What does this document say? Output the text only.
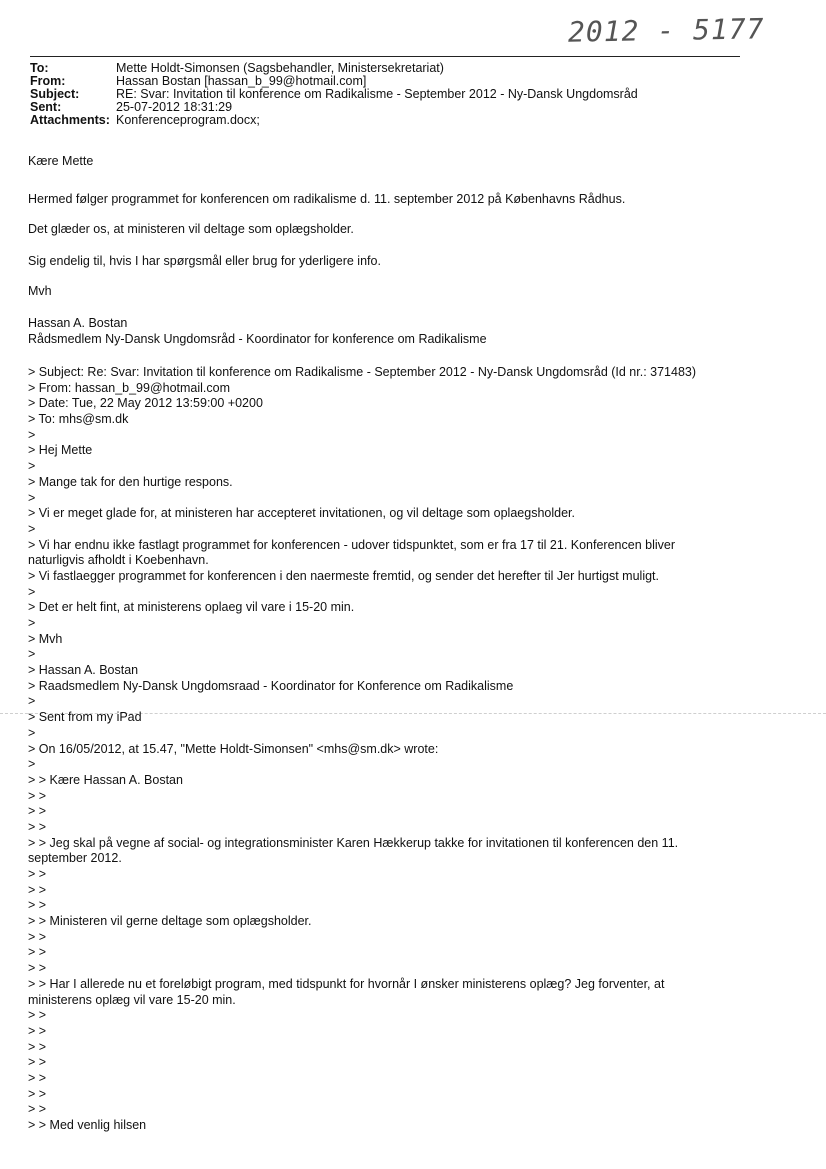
2012 - 5177
To:	Mette Holdt-Simonsen (Sagsbehandler, Ministersekretariat)
From:	Hassan Bostan [hassan_b_99@hotmail.com]
Subject:	RE: Svar: Invitation til konference om Radikalisme - September 2012 - Ny-Dansk Ungdomsråd
Sent:	25-07-2012 18:31:29
Attachments: Konferenceprogram.docx;

Kære Mette

Hermed følger programmet for konferencen om radikalisme d. 11. september 2012 på Københavns Rådhus.

Det glæder os, at ministeren vil deltage som oplægsholder.

Sig endelig til, hvis I har spørgsmål eller brug for yderligere info.

Mvh

Hassan A. Bostan

Rådsmedlem Ny-Dansk Ungdomsråd - Koordinator for konference om Radikalisme

> Subject: Re: Svar: Invitation til konference om Radikalisme - September 2012 - Ny-Dansk Ungdomsråd (Id nr.: 371483)

> From: hassan_b_99@hotmail.com

> Date: Tue, 22 May 2012 13:59:00 +0200

> To: mhs@sm.dk

>

> Hej Mette

>

> Mange tak for den hurtige respons.

>

> Vi er meget glade for, at ministeren har accepteret invitationen, og vil deltage som oplaegsholder.

>

> Vi har endnu ikke fastlagt programmet for konferencen - udover tidspunktet, som er fra 17 til 21. Konferencen bliver

naturligvis afholdt i Koebenhavn.

> Vi fastlaegger programmet for konferencen i den naermeste fremtid, og sender det herefter til Jer hurtigst muligt.

>

> Det er helt fint, at ministerens oplaeg vil vare i 15-20 min.

>

> Mvh

>

> Hassan A. Bostan

> Raadsmedlem Ny-Dansk Ungdomsraad - Koordinator for Konference om Radikalisme

>

> Sent from my iPad

>

> On 16/05/2012, at 15.47, "Mette Holdt-Simonsen" <mhs@sm.dk> wrote:

>

> > Kære Hassan A. Bostan

> >

> >

> >

> > Jeg skal på vegne af social- og integrationsminister Karen Hækkerup takke for invitationen til konferencen den 11.

september 2012.

> >

> >

> >

> > Ministeren vil gerne deltage som oplægsholder.

> >

> >

> >

> > Har I allerede nu et foreløbigt program, med tidspunkt for hvornår I ønsker ministerens oplæg? Jeg forventer, at

ministerens oplæg vil vare 15-20 min.

> >

> >

> >

> >

> >

> >

> >

> > Med venlig hilsen
